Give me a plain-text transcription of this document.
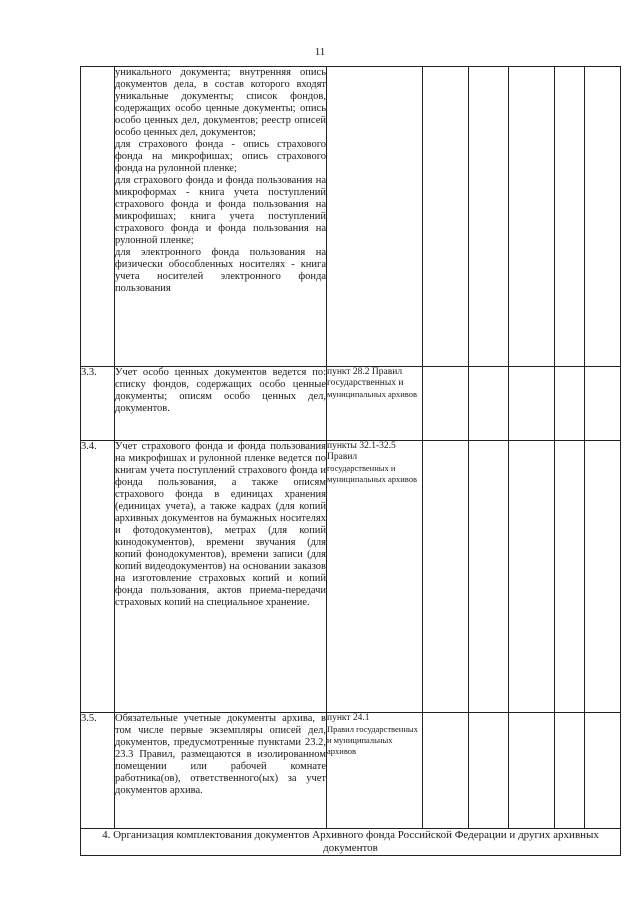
11

	уникального документа; внутренняя опись документов дела, в состав которого входят уникальные документы; список фондов, содержащих особо ценные документы; опись особо ценных дел, документов; реестр описей особо ценных дел, документов;
для страхового фонда - опись страхового фонда на микрофишах; опись страхового фонда на рулонной пленке;
для страхового фонда и фонда пользования на микроформах - книга учета поступлений страхового фонда и фонда пользования на микрофишах; книга учета поступлений страхового фонда и фонда пользования на рулонной пленке;
для электронного фонда пользования на физически обособленных носителях - книга учета носителей электронного фонда пользования						

3.3.	Учет особо ценных документов ведется по: списку фондов, содержащих особо ценные документы; описям особо ценных дел, документов.	пункт 28.2 Правил государственных и
муниципальных архивов					

3.4.	Учет страхового фонда и фонда пользования на микрофишах и рулонной пленке ведется по книгам учета поступлений страхового фонда и фонда пользования, а также описям страхового фонда в единицах хранения (единицах учета), а также кадрах (для копий архивных документов на бумажных носителях и фотодокументов), метрах (для копий кинодокументов), времени звучания (для копий фонодокументов), времени записи (для копий видеодокументов) на основании заказов на изготовление страховых копий и копий фонда пользования, актов приема-передачи страховых копий на специальное хранение.	пункты 32.1-32.5 Правил
государственных и муниципальных архивов					

3.5.	Обязательные учетные документы архива, в том числе первые экземпляры описей дел, документов, предусмотренные пунктами 23.2, 23.3 Правил, размещаются в изолированном помещении или рабочей комнате работника(ов), ответственного(ых) за учет документов архива.	пункт 24.1
Правил государственных и муниципальных архивов					

4. Организация комплектования документов Архивного фонда Российской Федерации и других архивных документов							
